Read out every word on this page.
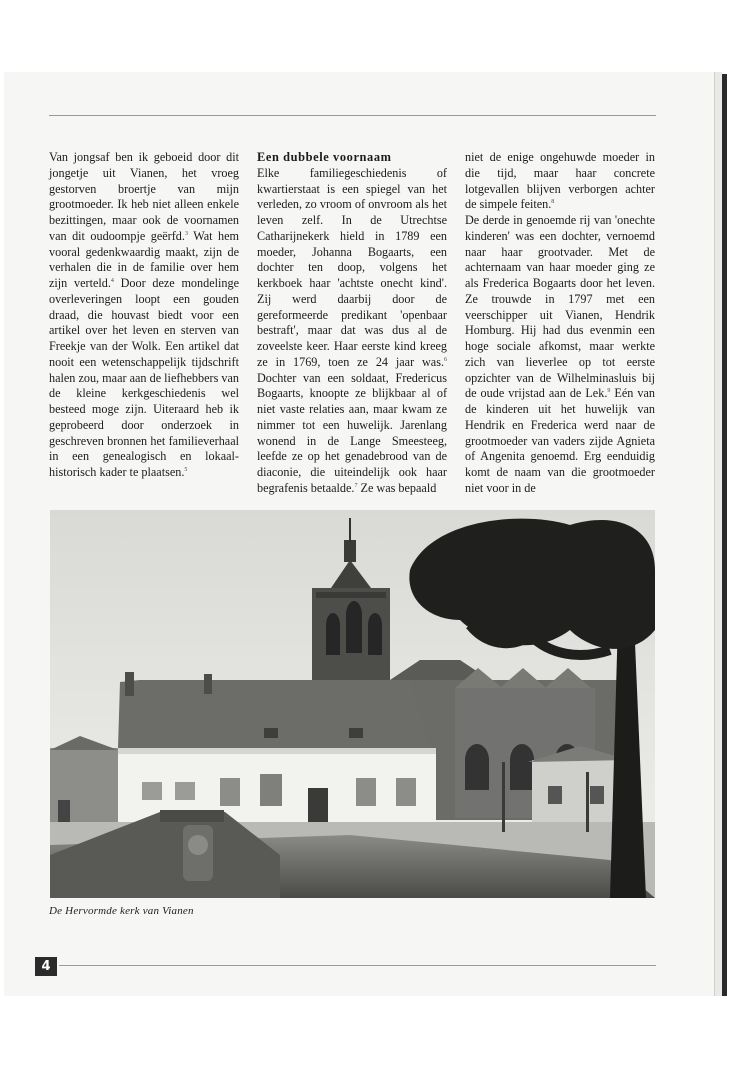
Van jongsaf ben ik geboeid door dit jongetje uit Vianen, het vroeg gestorven broertje van mijn grootmoeder. Ik heb niet alleen enkele bezittingen, maar ook de voornamen van dit oudoompje geërfd.$^3$ Wat hem vooral gedenkwaardig maakt, zijn de verhalen die in de familie over hem zijn verteld.$^4$ Door deze mondelinge overleveringen loopt een gouden draad, die houvast biedt voor een artikel over het leven en sterven van Freekje van der Wolk. Een artikel dat nooit een wetenschappelijk tijdschrift halen zou, maar aan de liefhebbers van de kleine kerkgeschiedenis wel besteed moge zijn. Uiteraard heb ik geprobeerd door onderzoek in geschreven bronnen het familieverhaal in een genealogisch en lokaal-historisch kader te plaatsen.$^5$

Een dubbele voornaam

Elke familiegeschiedenis of kwartierstaat is een spiegel van het verleden, zo vroom of onvroom als het leven zelf. In de Utrechtse Catharijnekerk hield in 1789 een moeder, Johanna Bogaarts, een dochter ten doop, volgens het kerkboek haar 'achtste onecht kind'. Zij werd daarbij door de gereformeerde predikant 'openbaar bestraft', maar dat was dus al de zoveelste keer. Haar eerste kind kreeg ze in 1769, toen ze 24 jaar was.$^6$ Dochter van een soldaat, Fredericus Bogaarts, knoopte ze blijkbaar al of niet vaste relaties aan, maar kwam ze nimmer tot een huwelijk. Jarenlang wonend in de Lange Smeesteeg, leefde ze op het genadebrood van de diaconie, die uiteindelijk ook haar begrafenis betaalde.$^7$ Ze was bepaald

niet de enige ongehuwde moeder in die tijd, maar haar concrete lotgevallen blijven verborgen achter de simpele feiten.$^8$

De derde in genoemde rij van 'onechte kinderen' was een dochter, vernoemd naar haar grootvader. Met de achternaam van haar moeder ging ze als Frederica Bogaarts door het leven. Ze trouwde in 1797 met een veerschipper uit Vianen, Hendrik Homburg. Hij had dus evenmin een hoge sociale afkomst, maar werkte zich van lieverlee op tot eerste opzichter van de Wilhelminasluis bij de oude vrijstad aan de Lek.$^9$ Eén van de kinderen uit het huwelijk van Hendrik en Frederica werd naar de grootmoeder van vaders zijde Agnieta of Angenita genoemd. Erg eenduidig komt de naam van die grootmoeder niet voor in de

De Hervormde kerk van Vianen
4
